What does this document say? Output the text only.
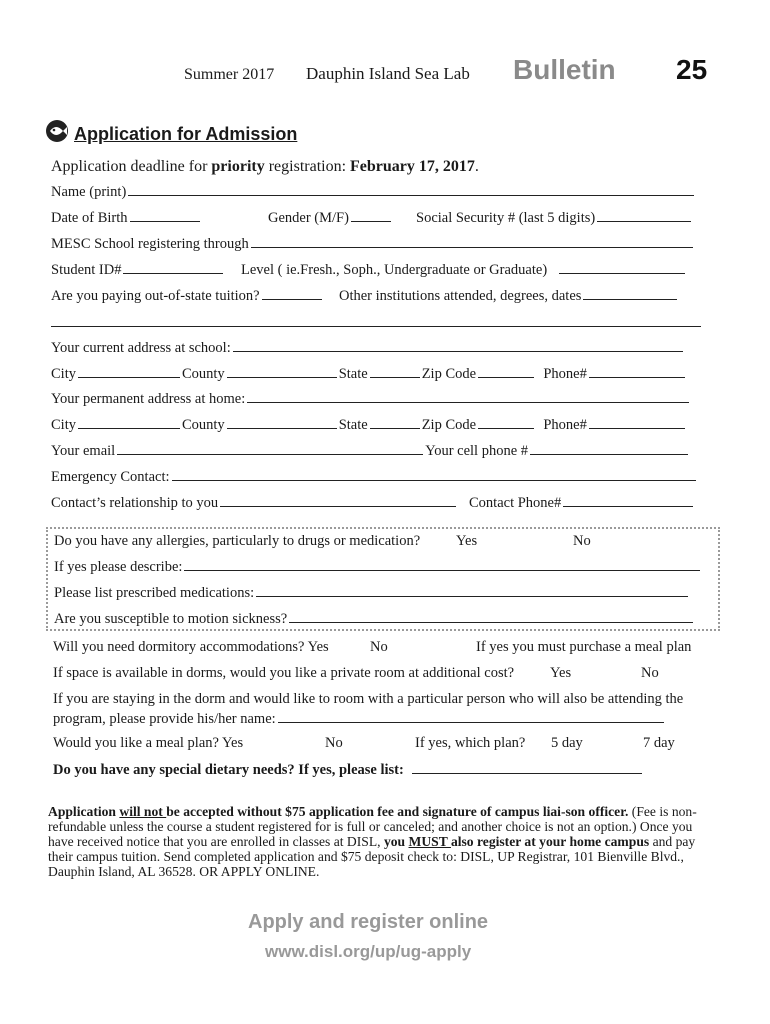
Summer 2017 Dauphin Island Sea Lab Bulletin 25
Application for Admission
Application deadline for priority registration: February 17, 2017.
Name (print)
Date of Birth	Gender (M/F)	Social Security # (last 5 digits)
MESC School registering through
Student ID#	Level ( ie.Fresh., Soph., Undergraduate or Graduate)
Are you paying out-of-state tuition?	Other institutions attended, degrees, dates
Your current address at school:
City	County	State	Zip Code	Phone#
Your permanent address at home:
City	County	State	Zip Code	Phone#
Your email	Your cell phone #
Emergency Contact:
Contact’s relationship to you	Contact Phone#
Do you have any allergies, particularly to drugs or medication? Yes	No
If yes please describe:
Please list prescribed medications:
Are you susceptible to motion sickness?
Will you need dormitory accommodations? Yes	No	If yes you must purchase a meal plan
If space is available in dorms, would you like a private room at additional cost? Yes	No
If you are staying in the dorm and would like to room with a particular person who will also be attending the
program, please provide his/her name:
Would you like a meal plan? Yes	No	If yes, which plan? 5 day	7 day
Do you have any special dietary needs? If yes, please list:
Application will not be accepted without $75 application fee and signature of campus liai-son officer. (Fee is non- refundable unless the course a student registered for is full or canceled; and another choice is not an option.) Once you have received notice that you are enrolled in classes at DISL, you MUST also register at your home campus and pay their campus tuition. Send completed application and $75 deposit check to: DISL, UP Registrar, 101 Bienville Blvd., Dauphin Island, AL 36528. OR APPLY ONLINE.
Apply and register online
www.disl.org/up/ug-apply
